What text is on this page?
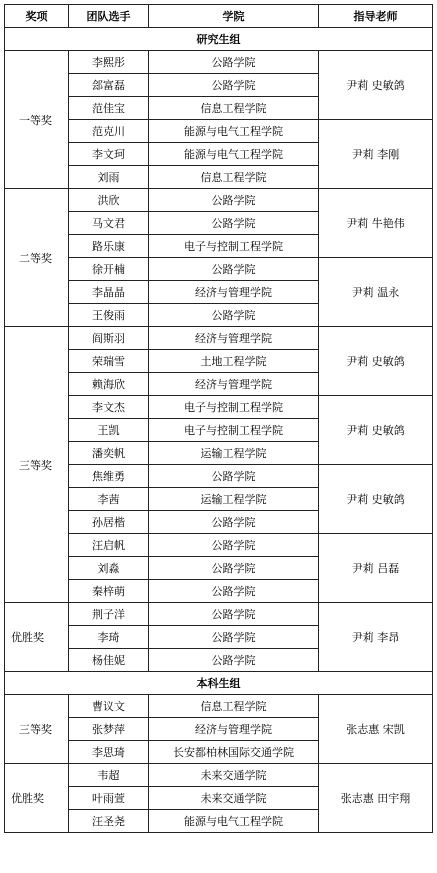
奖项	团队选手	学院	指导老师
研究生组			
一等奖	李熙彤	公路学院	尹莉 史敏鸽
	郐富磊	公路学院	
	范佳宝	信息工程学院	
	范克川	能源与电气工程学院	尹莉 李刚
	李文珂	能源与电气工程学院	
	刘雨	信息工程学院	
二等奖	洪欣	公路学院	尹莉 牛艳伟
	马文君	公路学院	
	路乐康	电子与控制工程学院	
	徐开楠	公路学院	尹莉 温永
	李晶晶	经济与管理学院	
	王俊雨	公路学院	
三等奖	阎斯羽	经济与管理学院	尹莉 史敏鸽
	荣瑞雪	土地工程学院	
	赖海欣	经济与管理学院	
	李文杰	电子与控制工程学院	尹莉 史敏鸽
	王凯	电子与控制工程学院	
	潘奕帆	运输工程学院	
	焦维勇	公路学院	尹莉 史敏鸽
	李茜	运输工程学院	
	孙居楷	公路学院	
	汪启帆	公路学院	尹莉 吕磊
	刘淼	公路学院	
	秦梓萌	公路学院	
优胜奖	荆子洋	公路学院	尹莉 李昂
	李琦	公路学院	
	杨佳妮	公路学院	
本科生组			
三等奖	曹议文	信息工程学院	张志惠 宋凯
	张梦萍	经济与管理学院	
	李思琦	长安都柏林国际交通学院	
优胜奖	韦超	未来交通学院	张志惠 田宇翔
	叶雨萱	未来交通学院	
	汪圣尧	能源与电气工程学院	
